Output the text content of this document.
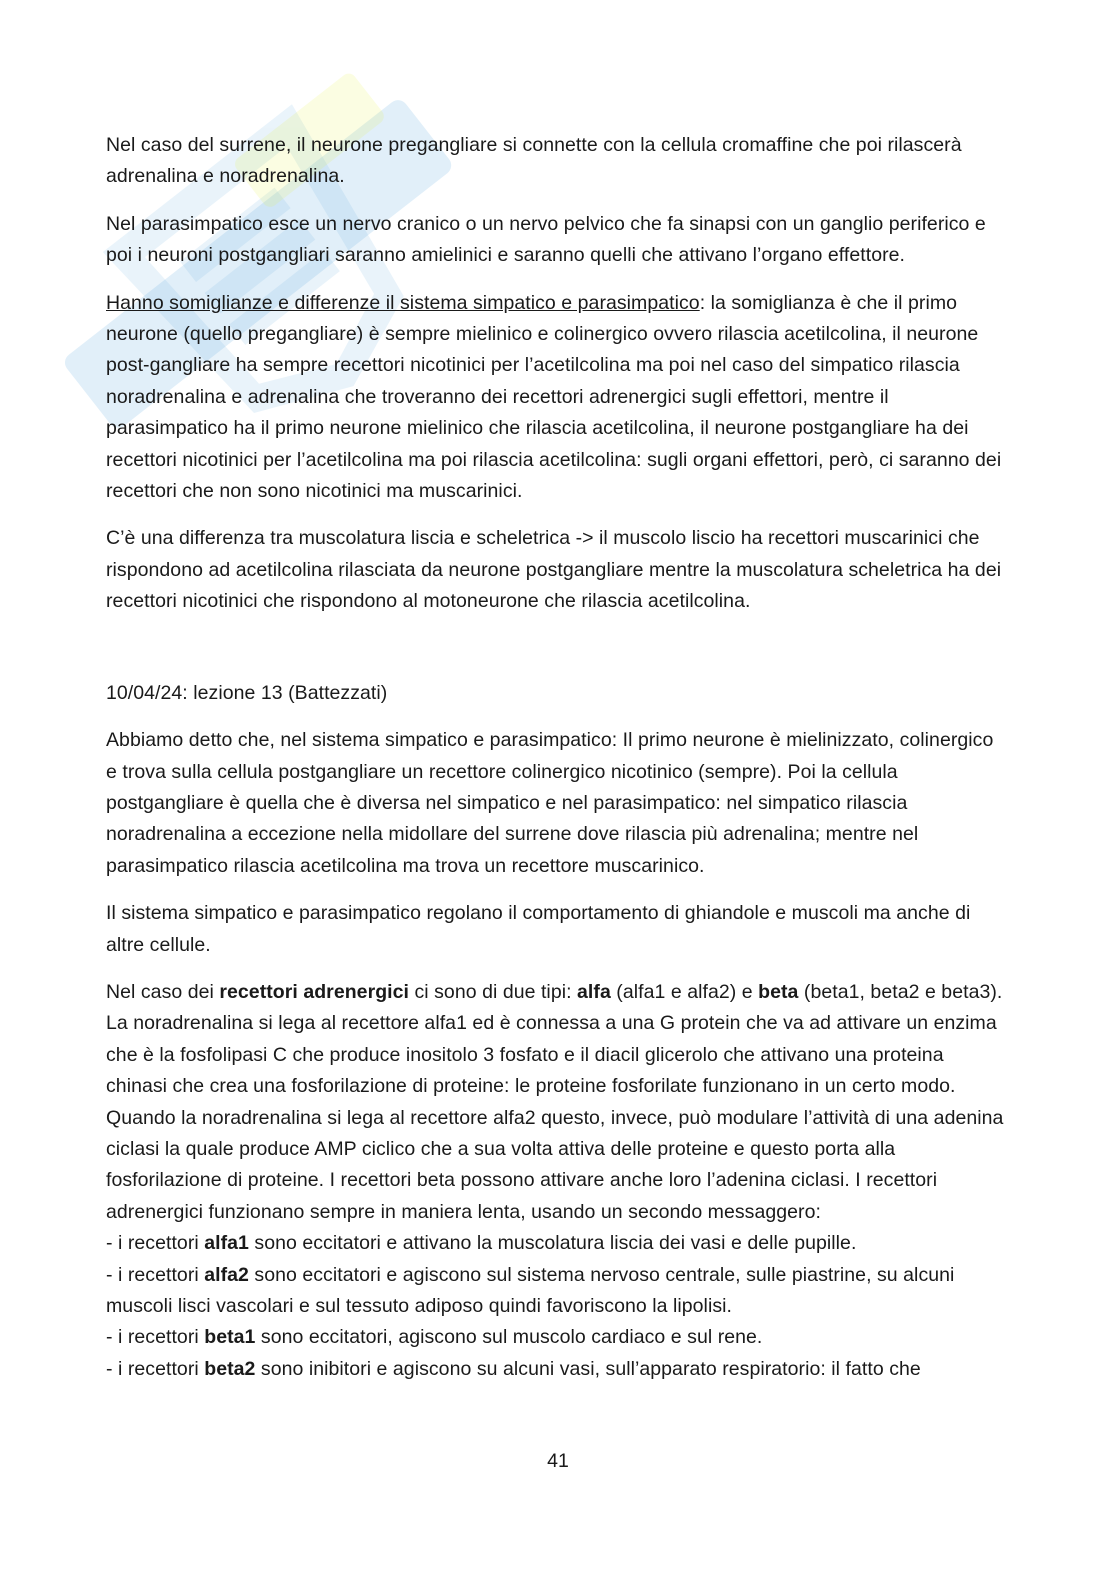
Nel caso del surrene, il neurone pregangliare si connette con la cellula cromaffine che poi rilascerà adrenalina e noradrenalina.

Nel parasimpatico esce un nervo cranico o un nervo pelvico che fa sinapsi con un ganglio periferico e poi i neuroni postgangliari saranno amielinici e saranno quelli che attivano l’organo effettore.

Hanno somiglianze e differenze il sistema simpatico e parasimpatico: la somiglianza è che il primo neurone (quello pregangliare) è sempre mielinico e colinergico ovvero rilascia acetilcolina, il neurone post-gangliare ha sempre recettori nicotinici per l’acetilcolina ma poi nel caso del simpatico rilascia noradrenalina e adrenalina che troveranno dei recettori adrenergici sugli effettori, mentre il parasimpatico ha il primo neurone mielinico che rilascia acetilcolina, il neurone postgangliare ha dei recettori nicotinici per l’acetilcolina ma poi rilascia acetilcolina: sugli organi effettori, però, ci saranno dei recettori che non sono nicotinici ma muscarinici.

C’è una differenza tra muscolatura liscia e scheletrica -> il muscolo liscio ha recettori muscarinici che rispondono ad acetilcolina rilasciata da neurone postgangliare mentre la muscolatura scheletrica ha dei recettori nicotinici che rispondono al motoneurone che rilascia acetilcolina.

10/04/24: lezione 13 (Battezzati)

Abbiamo detto che, nel sistema simpatico e parasimpatico: Il primo neurone è mielinizzato, colinergico e trova sulla cellula postgangliare un recettore colinergico nicotinico (sempre). Poi la cellula postgangliare è quella che è diversa nel simpatico e nel parasimpatico: nel simpatico rilascia noradrenalina a eccezione nella midollare del surrene dove rilascia più adrenalina; mentre nel parasimpatico rilascia acetilcolina ma trova un recettore muscarinico.

Il sistema simpatico e parasimpatico regolano il comportamento di ghiandole e muscoli ma anche di altre cellule.

Nel caso dei recettori adrenergici ci sono di due tipi: alfa (alfa1 e alfa2) e beta (beta1, beta2 e beta3). La noradrenalina si lega al recettore alfa1 ed è connessa a una G protein che va ad attivare un enzima che è la fosfolipasi C che produce inositolo 3 fosfato e il diacil glicerolo che attivano una proteina chinasi che crea una fosforilazione di proteine: le proteine fosforilate funzionano in un certo modo. Quando la noradrenalina si lega al recettore alfa2 questo, invece, può modulare l’attività di una adenina ciclasi la quale produce AMP ciclico che a sua volta attiva delle proteine e questo porta alla fosforilazione di proteine. I recettori beta possono attivare anche loro l’adenina ciclasi. I recettori adrenergici funzionano sempre in maniera lenta, usando un secondo messaggero:

- i recettori alfa1 sono eccitatori e attivano la muscolatura liscia dei vasi e delle pupille.
- i recettori alfa2 sono eccitatori e agiscono sul sistema nervoso centrale, sulle piastrine, su alcuni muscoli lisci vascolari e sul tessuto adiposo quindi favoriscono la lipolisi.
- i recettori beta1 sono eccitatori, agiscono sul muscolo cardiaco e sul rene.
- i recettori beta2 sono inibitori e agiscono su alcuni vasi, sull’apparato respiratorio: il fatto che
41
